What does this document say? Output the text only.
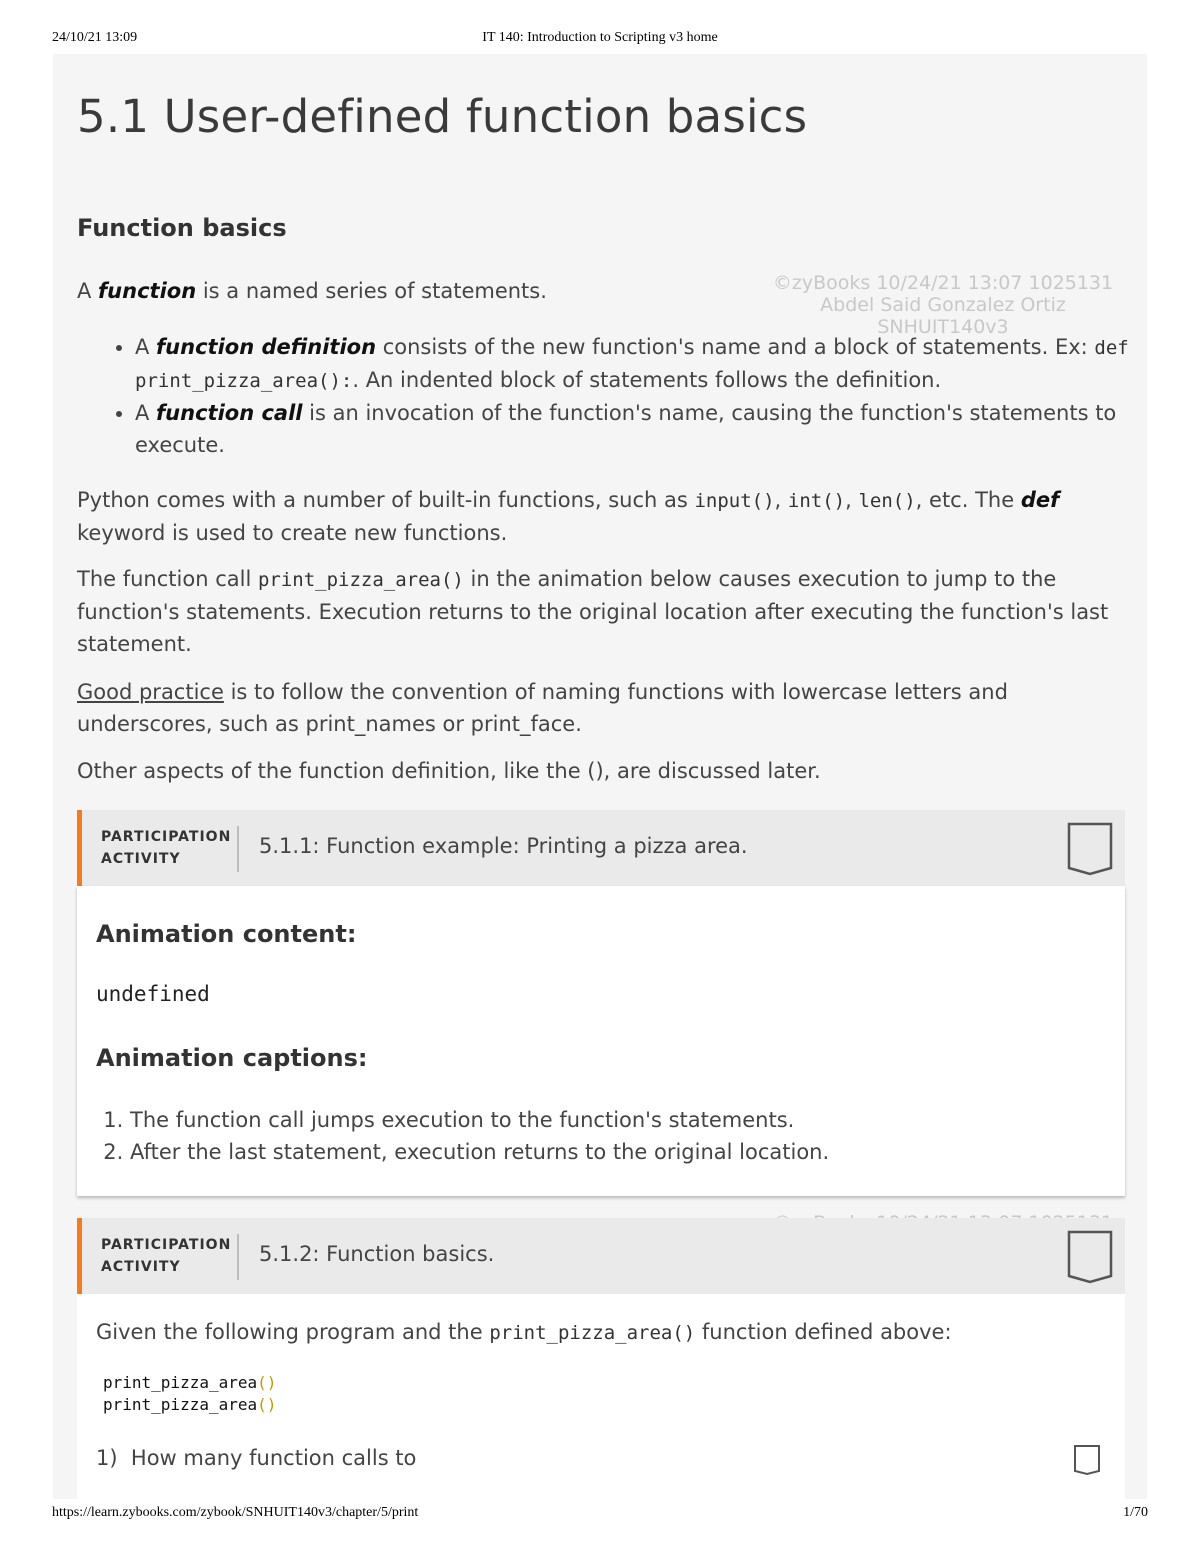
24/10/21 13:09	IT 140: Introduction to Scripting v3 home
5.1 User-defined function basics
Function basics

A function is a named series of statements.

• A function definition consists of the new function's name and a block of statements. Ex: def print_pizza_area():. An indented block of statements follows the definition.
• A function call is an invocation of the function's name, causing the function's statements to execute.

Python comes with a number of built-in functions, such as input(), int(), len(), etc. The def keyword is used to create new functions.

The function call print_pizza_area() in the animation below causes execution to jump to the function's statements. Execution returns to the original location after executing the function's last statement.

Good practice is to follow the convention of naming functions with lowercase letters and underscores, such as print_names or print_face.

Other aspects of the function definition, like the (), are discussed later.

©zyBooks 10/24/21 13:07 1025131
Abdel Said Gonzalez Ortiz
SNHUIT140v3
PARTICIPATION
ACTIVITY
5.1.1: Function example: Printing a pizza area.
Animation content:
undefined
Animation captions:
1. The function call jumps execution to the function's statements.
2. After the last statement, execution returns to the original location.
PARTICIPATION
ACTIVITY
5.1.2: Function basics.
Given the following program and the print_pizza_area() function defined above:
print_pizza_area()
print_pizza_area()
1) How many function calls to
https://learn.zybooks.com/zybook/SNHUIT140v3/chapter/5/print	1/70
